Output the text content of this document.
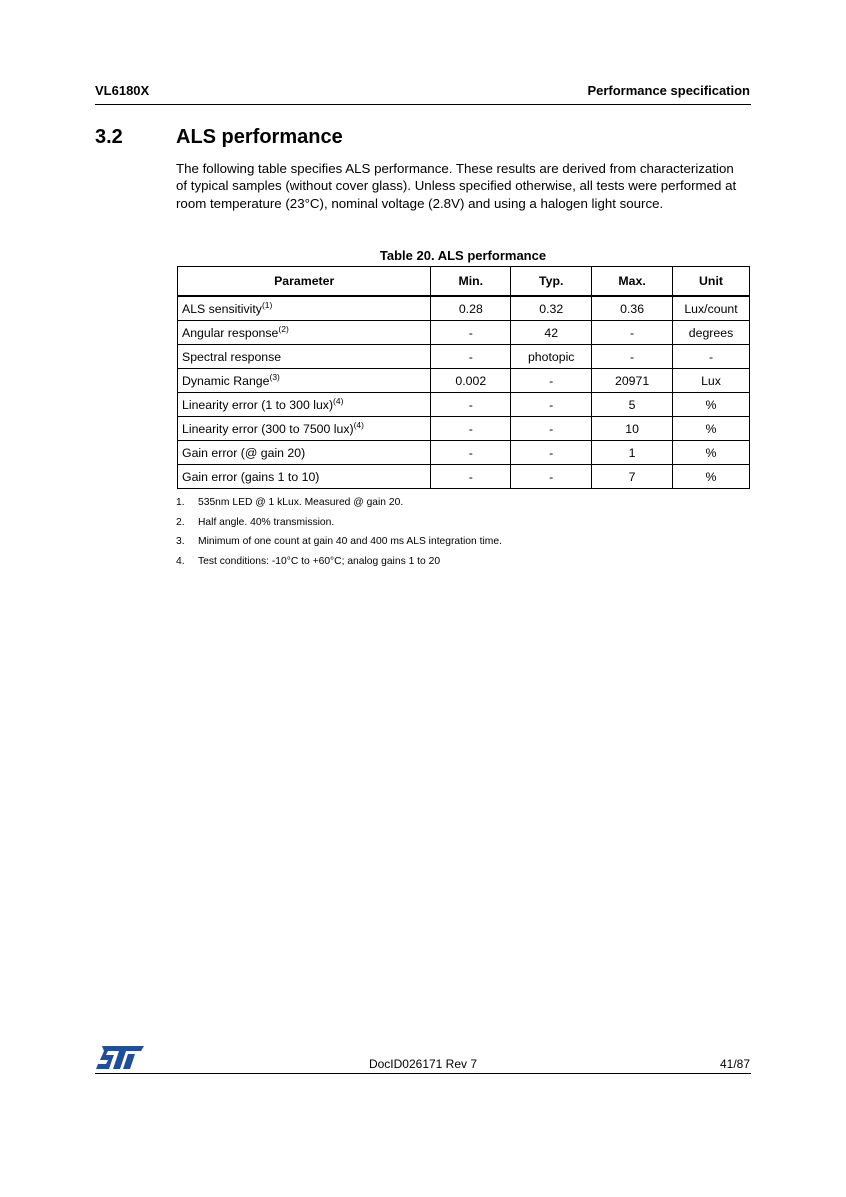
VL6180X	Performance specification
3.2	ALS performance

The following table specifies ALS performance. These results are derived from characterization of typical samples (without cover glass). Unless specified otherwise, all tests were performed at room temperature (23°C), nominal voltage (2.8V) and using a halogen light source.

Table 20. ALS performance
Parameter	Min.	Typ.	Max.	Unit
ALS sensitivity$^{(1)}$	0.28	0.32	0.36	Lux/count
Angular response$^{(2)}$	-	42	-	degrees
Spectral response	-	photopic	-	-
Dynamic Range$^{(3)}$	0.002	-	20971	Lux
Linearity error (1 to 300 lux)$^{(4)}$	-	-	5	%
Linearity error (300 to 7500 lux)$^{(4)}$	-	-	10	%
Gain error (@ gain 20)	-	-	1	%
Gain error (gains 1 to 10)	-	-	7	%
1.	535nm LED @ 1 kLux. Measured @ gain 20.
2.	Half angle. 40% transmission.
3.	Minimum of one count at gain 40 and 400 ms ALS integration time.
4.	Test conditions: -10°C to +60°C; analog gains 1 to 20
DocID026171 Rev 7	41/87
